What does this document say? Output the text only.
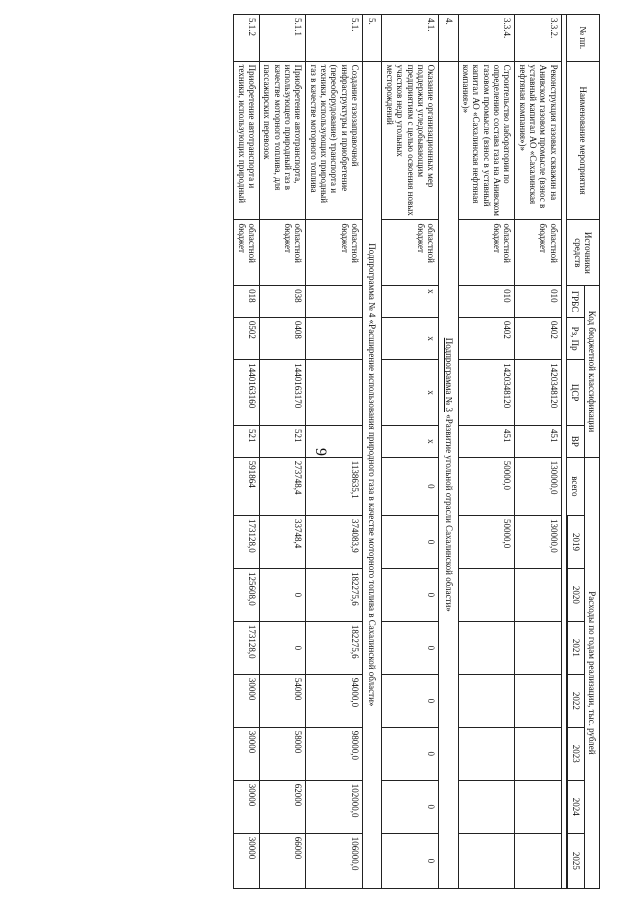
9
№ пп.	Наименование мероприятия	Источники средств	Код бюджетной классификации				Расходы по годам реализации, тыс. рублей							
			ГРБС	Рз, Пр	ЦСР	ВР	всего	2019	2020	2021	2022	2023	2024	2025

3.3.2.	Реконструкция газовых скважин на Анивском газовом промысле (взнос в уставный капитал АО «Сахалинская нефтяная компания»)»	областной бюджет	010	0402	1420348120	451	130000,0	130000,0						
3.3.4.	Строительство лаборатории по определению состава газа на Анивском газовом промысле (взнос в уставный капитал АО «Сахалинская нефтяная компания»)»	областной бюджет	010	0402	1420348120	451	50000,0	50000,0						
4.	Подпрограмма № 3 «Развитие угольной отрасли Сахалинской области»													
4.1.	Оказание организационных мер поддержки угледобывающим предприятиям с целью освоения новых участков недр угольных месторождений	областной бюджет	х	х	х	х	0	0	0	0	0	0	0	0
5.	Подпрограмма № 4 «Расширение использования природного газа в качестве моторного топлива в Сахалинской области»													
5.1.	Создание газозаправочной инфраструктуры и приобретение (переоборудование) транспорта и техники, использующих природный газ в качестве моторного топлива	областной бюджет					1138635,1	374083,9	182275,6	182275,6	94000,0	98000,0	102000,0	106000,0
5.1.1	Приобретение автотранспорта, использующего природный газ в качестве моторного топлива, для пассажирских перевозок	областной бюджет	038	0408	1440163170	521	273748,4	33748,4	0	0	54000	58000	62000	66000
5.1.2	Приобретение автотранспорта и техники, использующих природный	областной бюджет	018	0502	1440163160	521	591864	173128,0	125608,0	173128,0	30000	30000	30000	30000
